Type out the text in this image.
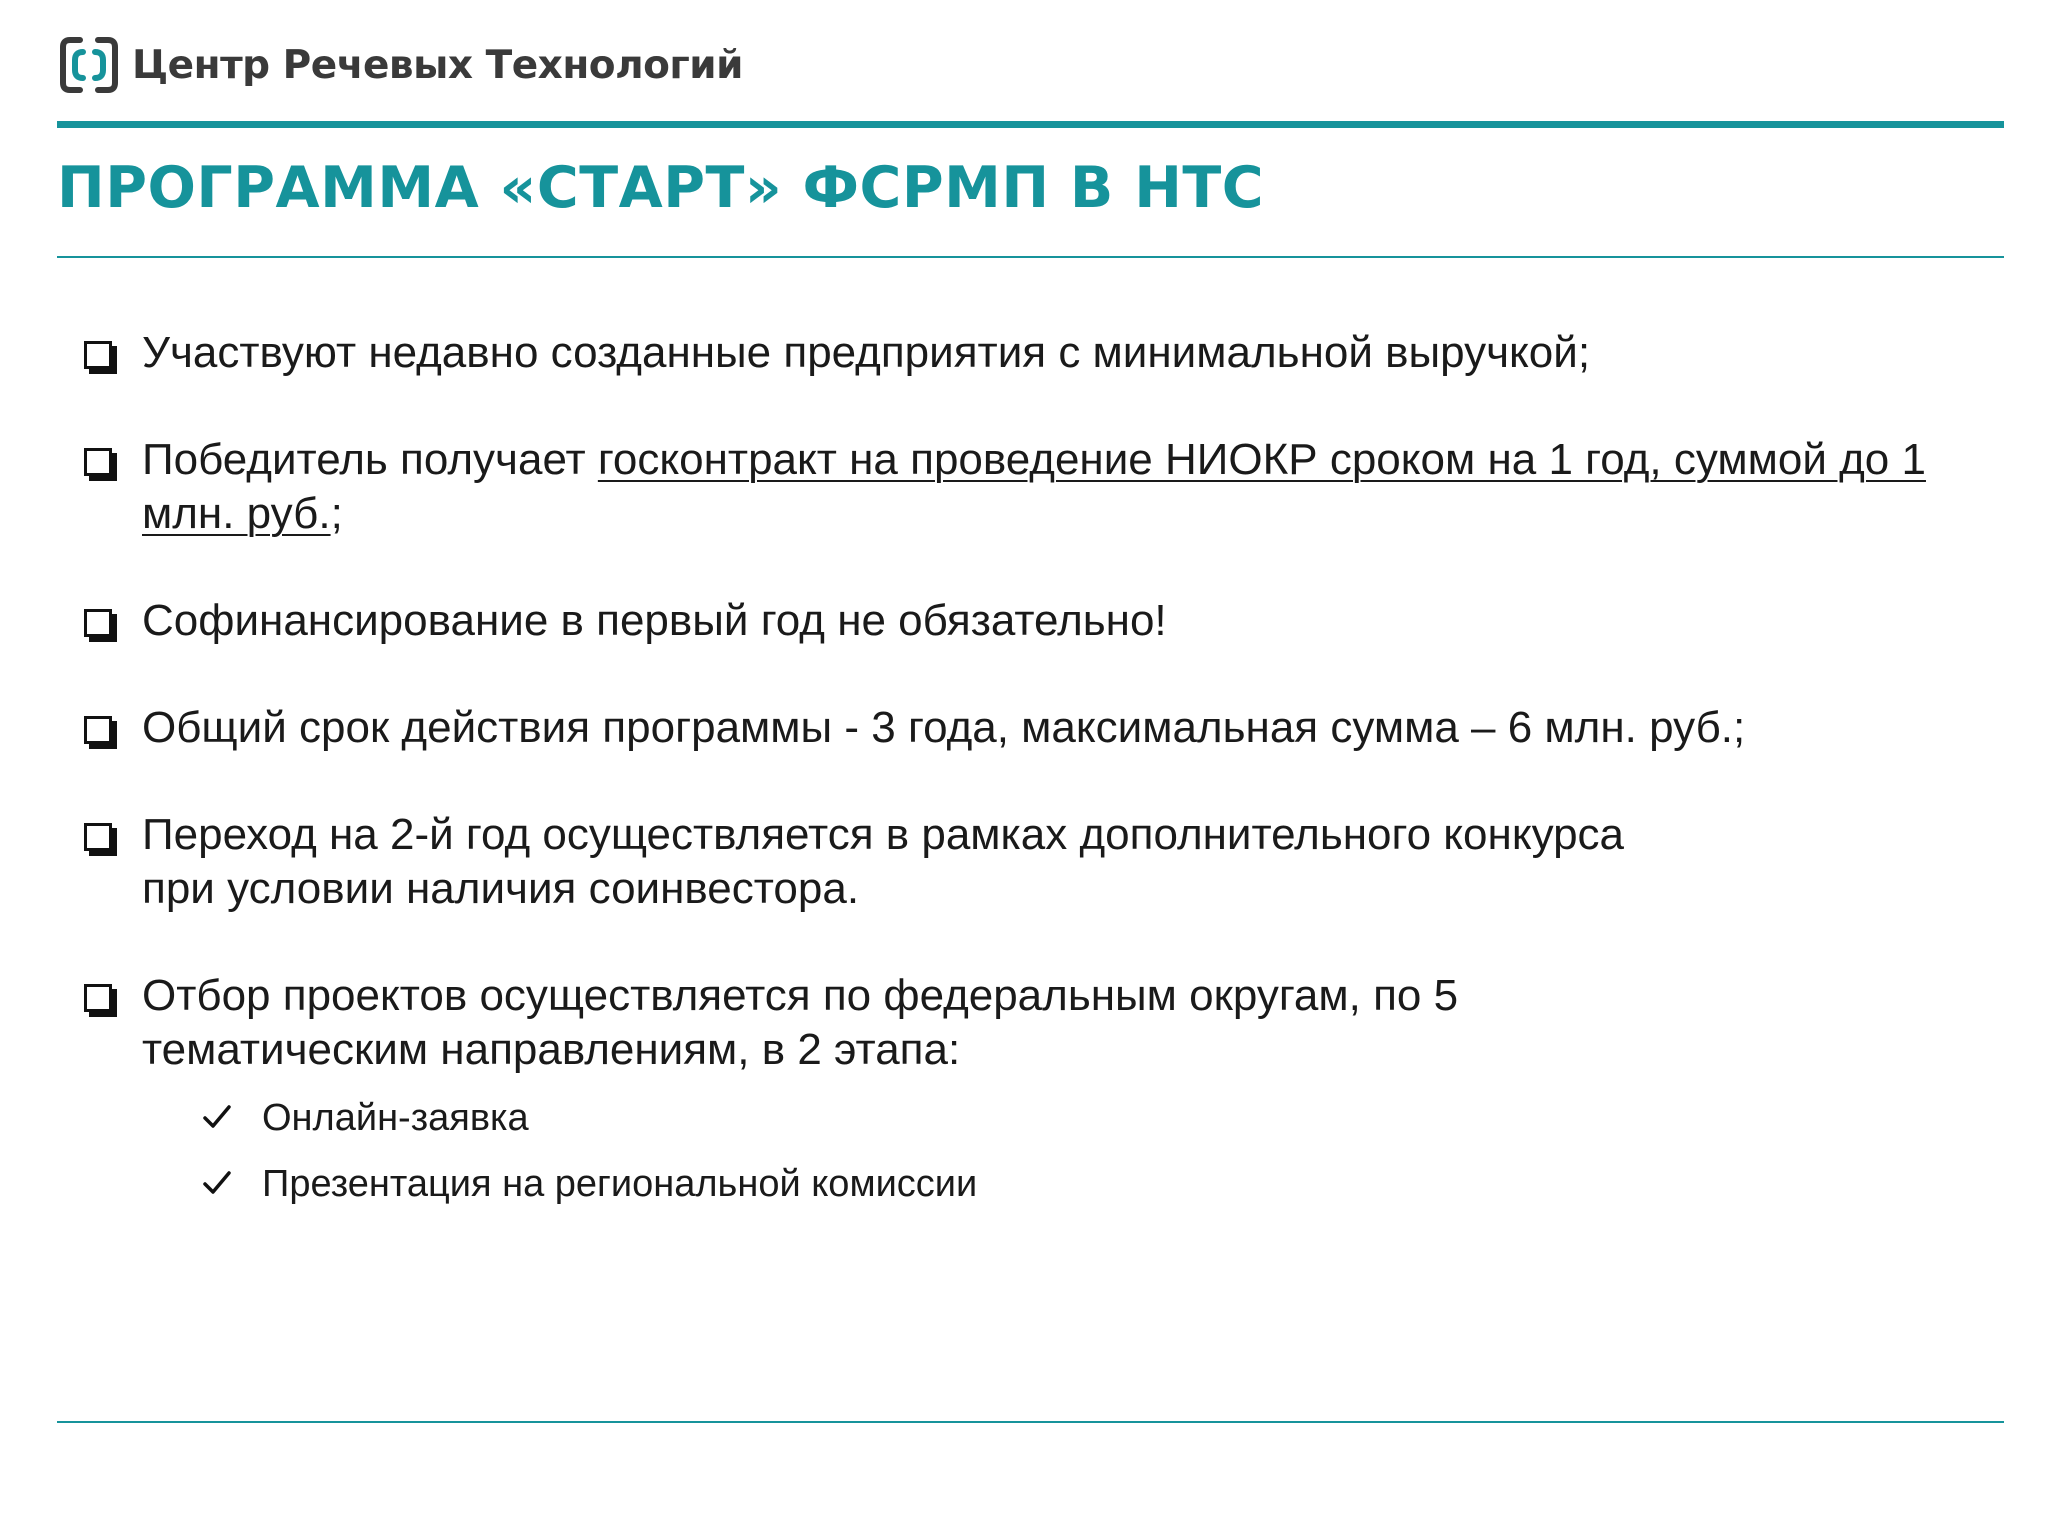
Центр Речевых Технологий
ПРОГРАММА «СТАРТ» ФСРМП В НТС
Участвуют недавно созданные предприятия с минимальной выручкой;
Победитель получает госконтракт на проведение НИОКР сроком на 1 год, суммой до 1 млн. руб.;
Софинансирование в первый год не обязательно!
Общий срок действия программы - 3 года, максимальная сумма – 6 млн. руб.;
Переход на 2-й год осуществляется в рамках дополнительного конкурса при условии наличия соинвестора.
Отбор проектов осуществляется по федеральным округам, по 5 тематическим направлениям, в 2 этапа:
Онлайн-заявка
Презентация на региональной комиссии
